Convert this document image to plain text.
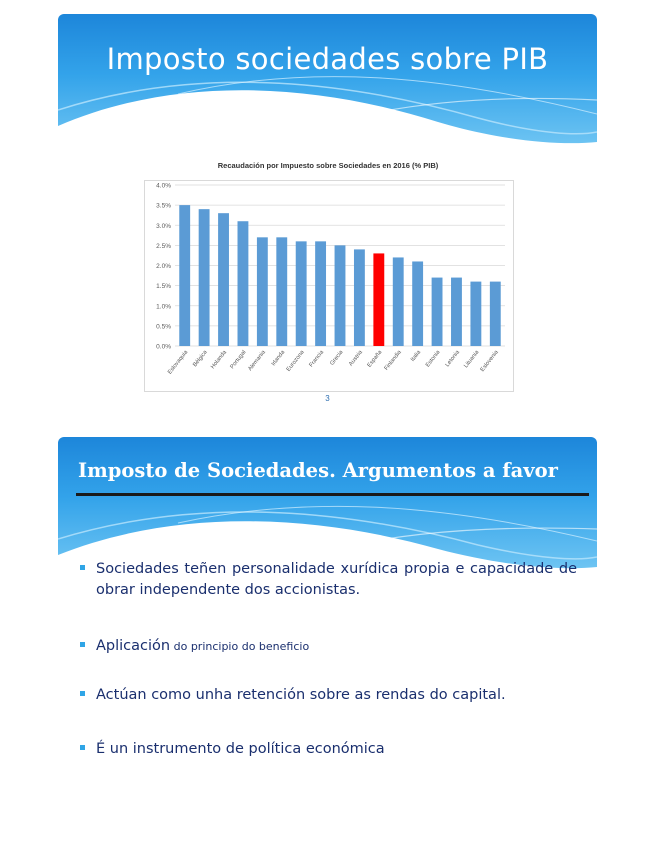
Imposto sociedades sobre PIB
Recaudación por Impuesto sobre Sociedades en 2016 (% PIB)
0.0%
0.5%
1.0%
1.5%
2.0%
2.5%
3.0%
3.5%
4.0%
Eslovaquia Bélgica Holanda Portugal Alemania Irlanda Eurozona Francia Grecia Austria España Finlandia Italia Estonia Letonia Lituania Eslovenia
3
Imposto de Sociedades. Argumentos a favor
Sociedades teñen personalidade xurídica propia e capacidade de obrar independente dos accionistas.
Aplicación do principio do beneficio
Actúan como unha retención sobre as rendas do capital.
É un instrumento de política económica
